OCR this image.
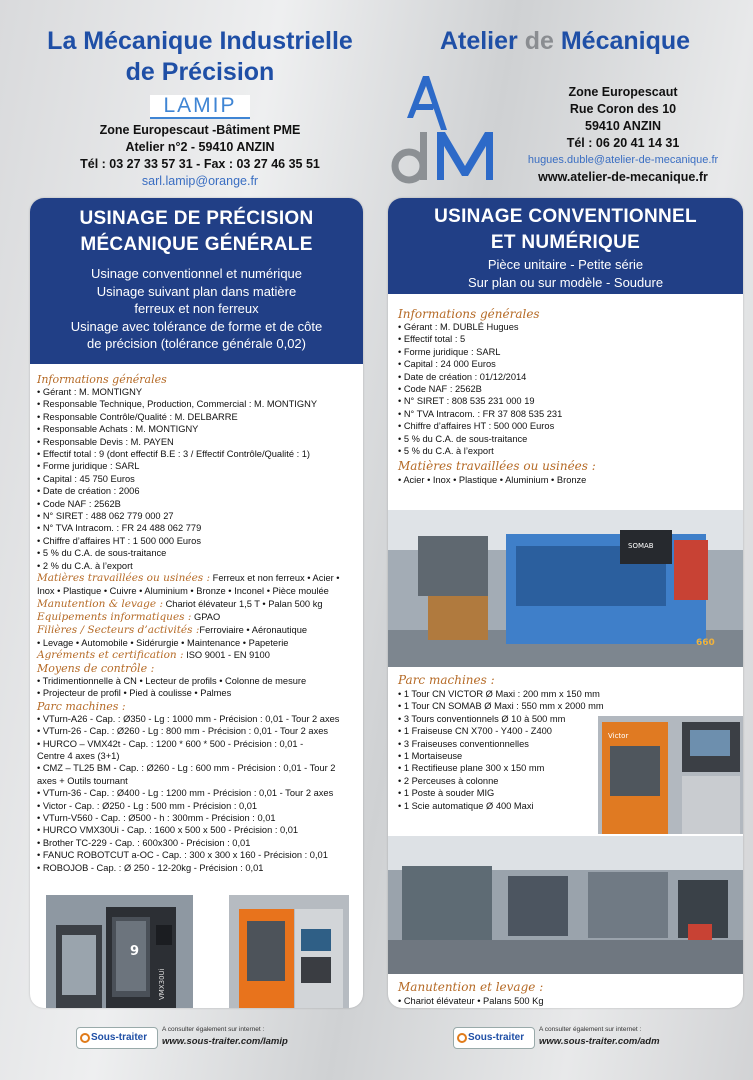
La Mécanique Industrielle
de Précision
LAMIP
Zone Europescaut -Bâtiment PME
Atelier n°2 - 59410 ANZIN
Tél : 03 27 33 57 31 - Fax : 03 27 46 35 51
sarl.lamip@orange.fr
USINAGE DE PRÉCISION
MÉCANIQUE GÉNÉRALE
Usinage conventionnel et numérique
Usinage suivant plan dans matière
ferreux et non ferreux
Usinage avec tolérance de forme et de côte
de précision (tolérance générale 0,02)
Informations générales
• Gérant : M. MONTIGNY
• Responsable Technique, Production, Commercial : M. MONTIGNY
• Responsable Contrôle/Qualité : M. DELBARRE
• Responsable Achats : M. MONTIGNY
• Responsable Devis : M. PAYEN
• Effectif total : 9 (dont effectif B.E : 3 / Effectif Contrôle/Qualité : 1)
• Forme juridique : SARL
• Capital : 45 750 Euros
• Date de création : 2006
• Code NAF : 2562B
• N° SIRET : 488 062 779 000 27
• N° TVA Intracom. : FR 24 488 062 779
• Chiffre d’affaires HT : 1 500 000 Euros
• 5 % du C.A. de sous-traitance
• 2 % du C.A. à l’export
Matières travaillées ou usinées : Ferreux et non ferreux • Acier •
Inox • Plastique • Cuivre • Aluminium • Bronze • Inconel • Pièce moulée
Manutention & levage : Chariot élévateur 1,5 T • Palan 500 kg
Equipements informatiques : GPAO
Filières / Secteurs d’activités :Ferroviaire • Aéronautique
• Levage • Automobile • Sidérurgie • Maintenance • Papeterie
Agréments et certification : ISO 9001 - EN 9100
Moyens de contrôle :
• Tridimentionnelle à CN • Lecteur de profils • Colonne de mesure
• Projecteur de profil • Pied à coulisse • Palmes
Parc machines :
• VTurn-A26 - Cap. : Ø350 - Lg : 1000 mm - Précision : 0,01 - Tour 2 axes
• VTurn-26 - Cap. : Ø260 - Lg : 800 mm - Précision : 0,01 - Tour 2 axes
• HURCO – VMX42t - Cap. : 1200 * 600 * 500 - Précision : 0,01 -
Centre 4 axes (3+1)
• CMZ – TL25 BM - Cap. : Ø260 - Lg : 600 mm - Précision : 0,01 - Tour 2
axes + Outils tournant
• VTurn-36 - Cap. : Ø400 - Lg : 1200 mm - Précision : 0,01 - Tour 2 axes
• Victor - Cap. : Ø250 - Lg : 500 mm - Précision : 0,01
• VTurn-V560 - Cap. : Ø500 - h : 300mm - Précision : 0,01
• HURCO VMX30Ui - Cap. : 1600 x 500 x 500 - Précision : 0,01
• Brother TC-229 - Cap. : 600x300 - Précision : 0,01
• FANUC ROBOTCUT a-OC - Cap. : 300 x 300 x 160 - Précision : 0,01
• ROBOJOB - Cap. : Ø 250 - 12-20kg - Précision : 0,01
9
VMX30Ui
Sous-traiter
A consulter également sur internet :
www.sous-traiter.com/lamip
Atelier de Mécanique
Zone Europescaut
Rue Coron des 10
59410 ANZIN
Tél : 06 20 41 14 31
hugues.duble@atelier-de-mecanique.fr
www.atelier-de-mecanique.fr
USINAGE CONVENTIONNEL
ET NUMÉRIQUE
Pièce unitaire - Petite série
Sur plan ou sur modèle - Soudure
Informations générales
• Gérant : M. DUBLÉ Hugues
• Effectif total : 5
• Forme juridique : SARL
• Capital : 24 000 Euros
• Date de création : 01/12/2014
• Code NAF : 2562B
• N° SIRET : 808 535 231 000 19
• N° TVA Intracom. : FR 37 808 535 231
• Chiffre d’affaires HT : 500 000 Euros
• 5 % du C.A. de sous-traitance
• 5 % du C.A. à l’export
Matières travaillées ou usinées :
• Acier • Inox • Plastique • Aluminium • Bronze
SOMAB
660
Parc machines :
• 1 Tour CN VICTOR Ø Maxi : 200 mm x 150 mm
• 1 Tour CN SOMAB Ø Maxi : 550 mm x 2000 mm
• 3 Tours conventionnels Ø 10 à 500 mm
• 1 Fraiseuse CN X700 - Y400 - Z400
• 3 Fraiseuses conventionnelles
• 1 Mortaiseuse
• 1 Rectifieuse plane 300 x 150 mm
• 2 Perceuses à colonne
• 1 Poste à souder MIG
• 1 Scie automatique Ø 400 Maxi
Victor
Manutention et levage :
• Chariot élévateur • Palans 500 Kg
Sous-traiter
A consulter également sur internet :
www.sous-traiter.com/adm
